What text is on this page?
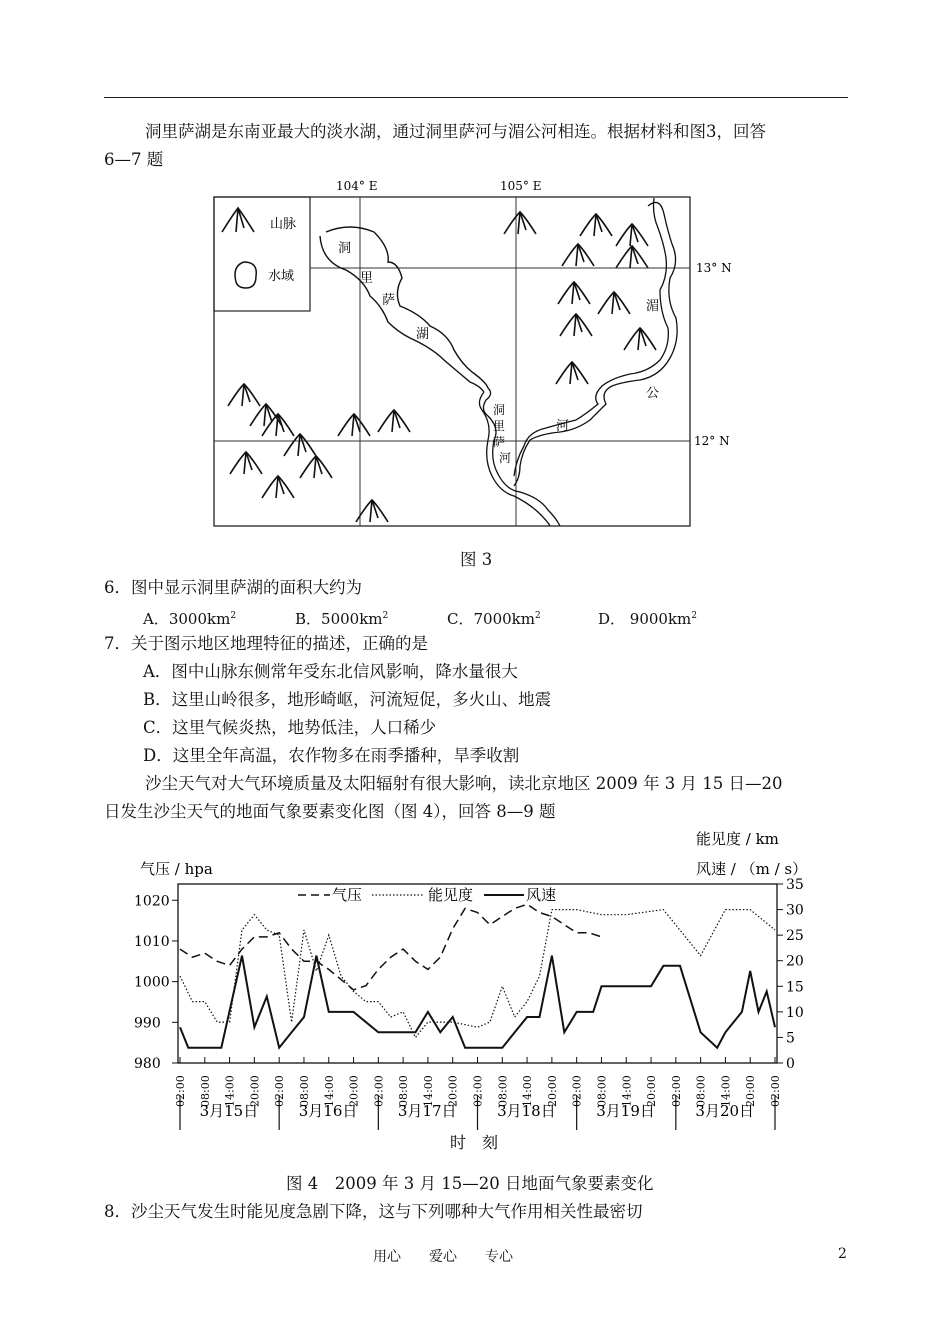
洞里萨湖是东南亚最大的淡水湖，通过洞里萨河与湄公河相连。根据材料和图3，回答
6—7 题
104° E	105° E
13° N
12° N
山脉
水域
洞
里
萨
湖
洞
里
萨
河
湄
公
河
图 3
6．图中显示洞里萨湖的面积大约为
A．$3000km^2$	B．$5000km^2$	C．$7000km^2$	D． $9000km^2$
7．关于图示地区地理特征的描述，正确的是
A．图中山脉东侧常年受东北信风影响，降水量很大
B．这里山岭很多，地形崎岖，河流短促，多火山、地震
C．这里气候炎热，地势低洼，人口稀少
D．这里全年高温，农作物多在雨季播种，旱季收割
沙尘天气对大气环境质量及太阳辐射有很大影响，读北京地区 2009 年 3 月 15 日—20
日发生沙尘天气的地面气象要素变化图（图 4），回答 8—9 题
能见度 / km
风速 / （m / s）
气压 / hpa
气压	能见度	风速
980
990
1000
1010
1020
0
5
10
15
20
25
30
35
02:00 08:00 14:00 20:00 02:00 08:00 14:00 20:00 02:00 08:00 14:00 20:00 02:00 08:00 14:00 20:00 02:00 08:00 14:00 20:00 02:00 08:00 14:00 20:00 02:00
3月15日	3月16日	3月17日	3月18日	3月19日	3月20日
时　刻
图 4　2009 年 3 月 15—20 日地面气象要素变化
8．沙尘天气发生时能见度急剧下降，这与下列哪种大气作用相关性最密切
用心　　爱心　　专心	2
